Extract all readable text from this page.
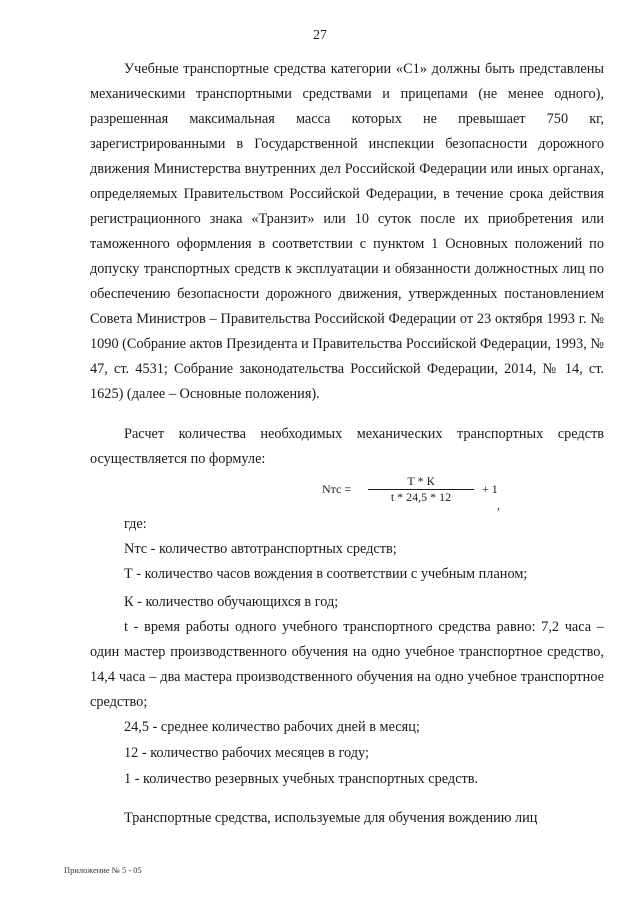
27

Учебные транспортные средства категории «С1» должны быть представлены механическими транспортными средствами и прицепами (не менее одного), разрешенная максимальная масса которых не превышает 750 кг, зарегистрированными в Государственной инспекции безопасности дорожного движения Министерства внутренних дел Российской Федерации или иных органах, определяемых Правительством Российской Федерации, в течение срока действия регистрационного знака «Транзит» или 10 суток после их приобретения или таможенного оформления в соответствии с пунктом 1 Основных положений по допуску транспортных средств к эксплуатации и обязанности должностных лиц по обеспечению безопасности дорожного движения, утвержденных постановлением Совета Министров – Правительства Российской Федерации от 23 октября 1993 г. № 1090 (Собрание актов Президента и Правительства Российской Федерации, 1993, № 47, ст. 4531; Собрание законодательства Российской Федерации, 2014, № 14, ст. 1625) (далее – Основные положения).

Расчет количества необходимых механических транспортных средств осуществляется по формуле:

Nтс =
Т * К
t * 24,5 * 12
+ 1
,

где:

Nтс - количество автотранспортных средств;

Т - количество часов вождения в соответствии с учебным планом;

К - количество обучающихся в год;

t - время работы одного учебного транспортного средства равно: 7,2 часа – один мастер производственного обучения на одно учебное транспортное средство, 14,4 часа – два мастера производственного обучения на одно учебное транспортное средство;

24,5 - среднее количество рабочих дней в месяц;

12 - количество рабочих месяцев в году;

1 - количество резервных учебных транспортных средств.

Транспортные средства, используемые для обучения вождению лиц

Приложение № 5 - 05
